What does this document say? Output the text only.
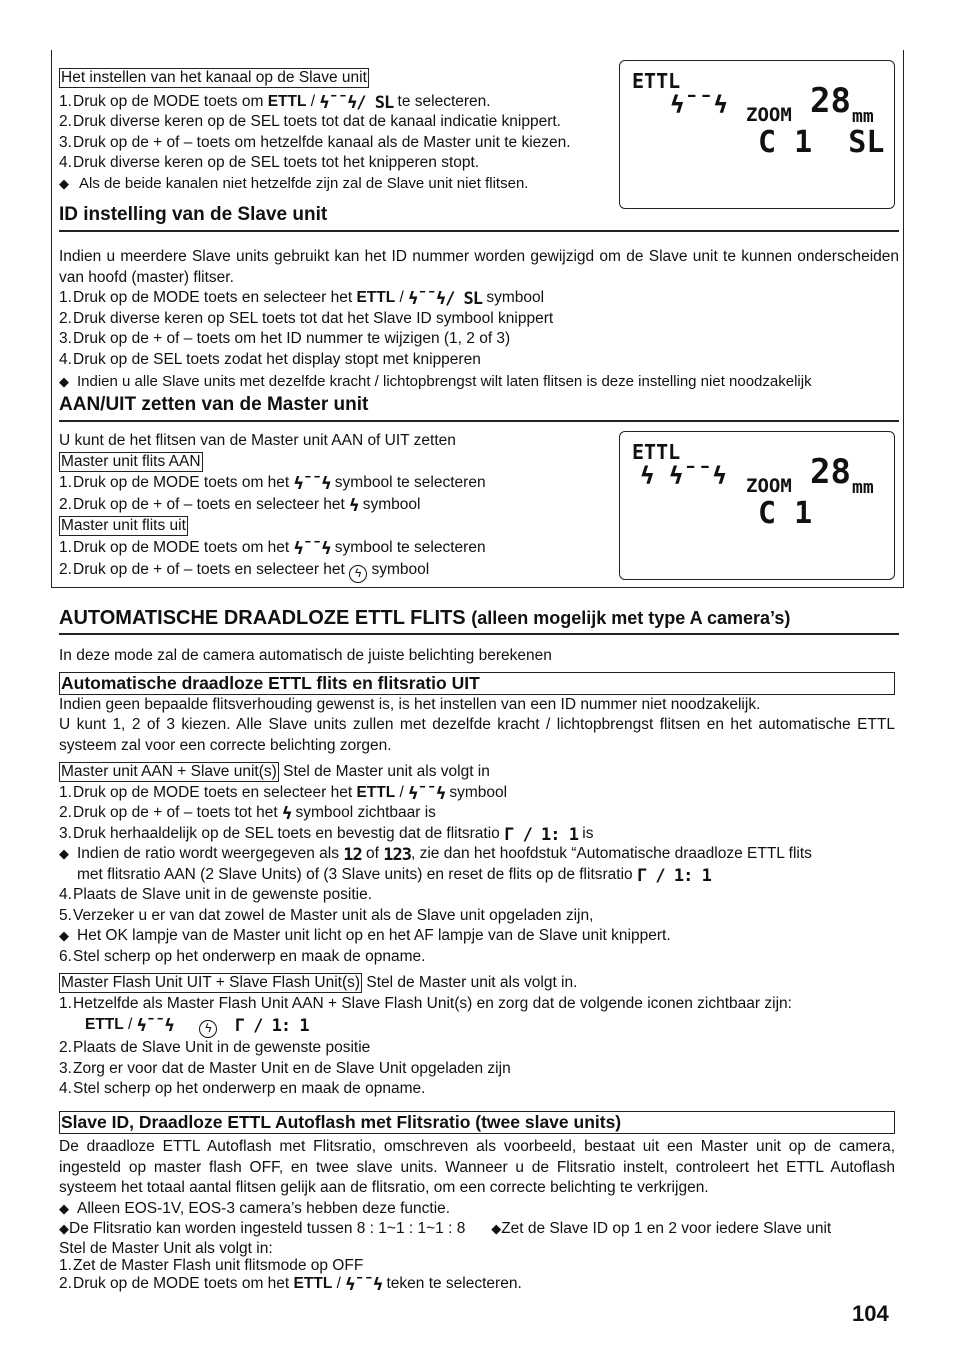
Het instellen van het kanaal op de Slave unit
1. Druk op de MODE toets om ETTL / ϟ¯¯ϟ/ SL te selecteren.
2. Druk diverse keren op de SEL toets tot dat de kanaal indicatie knippert.
3. Druk op de + of – toets om hetzelfde kanaal als de Master unit te kiezen.
4. Druk diverse keren op de SEL toets tot het knipperen stopt.
◆ Als de beide kanalen niet hetzelfde zijn zal de Slave unit niet flitsen.
ETTL
ϟ¯¯ϟ ZOOM 28 mm
C 1  SL
ID instelling van de Slave unit
Indien u meerdere Slave units gebruikt kan het ID nummer worden gewijzigd om de Slave unit te kunnen onderscheiden van hoofd (master) flitser.
1. Druk op de MODE toets en selecteer het ETTL / ϟ¯¯ϟ/ SL symbool
2. Druk diverse keren op SEL toets tot dat het Slave ID symbool knippert
3. Druk op de + of – toets om het ID nummer te wijzigen (1, 2 of 3)
4. Druk op de SEL toets zodat het display stopt met knipperen
◆ Indien u alle Slave units met dezelfde kracht / lichtopbrengst wilt laten flitsen is deze instelling niet noodzakelijk
AAN/UIT zetten van de Master unit
U kunt de het flitsen van de Master unit AAN of UIT zetten
Master unit flits AAN
1. Druk op de MODE toets om het ϟ¯¯ϟ symbool te selecteren
2. Druk op de + of – toets en selecteer het ϟ symbool
Master unit flits uit
1. Druk op de MODE toets om het ϟ¯¯ϟ symbool te selecteren
2. Druk op de + of – toets en selecteer het ϟ symbool
ETTL
ϟ ϟ¯¯ϟ ZOOM 28 mm
C 1
AUTOMATISCHE DRAADLOZE ETTL FLITS (alleen mogelijk met type A camera’s)
In deze mode zal de camera automatisch de juiste belichting berekenen
Automatische draadloze ETTL flits en flitsratio UIT
Indien geen bepaalde flitsverhouding gewenst is, is het instellen van een ID nummer niet noodzakelijk.
U kunt 1, 2 of 3 kiezen. Alle Slave units zullen met dezelfde kracht / lichtopbrengst flitsen en het automatische ETTL systeem zal voor een correcte belichting zorgen.
Master unit AAN + Slave unit(s) Stel de Master unit als volgt in
1. Druk op de MODE toets en selecteer het ETTL / ϟ¯¯ϟ symbool
2. Druk op de + of – toets tot het ϟ symbool zichtbaar is
3. Druk herhaaldelijk op de SEL toets en bevestig dat de flitsratio Γ / 1: 1 is
◆ Indien de ratio wordt weergegeven als 12 of 123, zie dan het hoofdstuk “Automatische draadloze ETTL flits
met flitsratio AAN (2 Slave Units) of (3 Slave units) en reset de flits op de flitsratio Γ / 1: 1
4. Plaats de Slave unit in de gewenste positie.
5. Verzeker u er van dat zowel de Master unit als de Slave unit opgeladen zijn,
◆ Het OK lampje van de Master unit licht op en het AF lampje van de Slave unit knippert.
6. Stel scherp op het onderwerp en maak de opname.
Master Flash Unit UIT + Slave Flash Unit(s) Stel de Master unit als volgt in.
1. Hetzelfde als Master Flash Unit AAN + Slave Flash Unit(s) en zorg dat de volgende iconen zichtbaar zijn:
ETTL / ϟ¯¯ϟ	ϟ Γ / 1: 1
2. Plaats de Slave Unit in de gewenste positie
3. Zorg er voor dat de Master Unit en de Slave Unit opgeladen zijn
4. Stel scherp op het onderwerp en maak de opname.
Slave ID, Draadloze ETTL Autoflash met Flitsratio (twee slave units)
De draadloze ETTL Autoflash met Flitsratio, omschreven als voorbeeld, bestaat uit een Master unit op de camera, ingesteld op master flash OFF, en twee slave units. Wanneer u de Flitsratio instelt, controleert het ETTL Autoflash systeem het totaal aantal flitsen gelijk aan de flitsratio, om een correcte belichting te verkrijgen.
◆ Alleen EOS-1V, EOS-3 camera’s hebben deze functie.
◆De Flitsratio kan worden ingesteld tussen 8 : 1~1 : 1~1 : 8 ◆Zet de Slave ID op 1 en 2 voor iedere Slave unit
Stel de Master Unit als volgt in:
1. Zet de Master Flash unit flitsmode op OFF
2. Druk op de MODE toets om het ETTL / ϟ¯¯ϟ teken te selecteren.
104
